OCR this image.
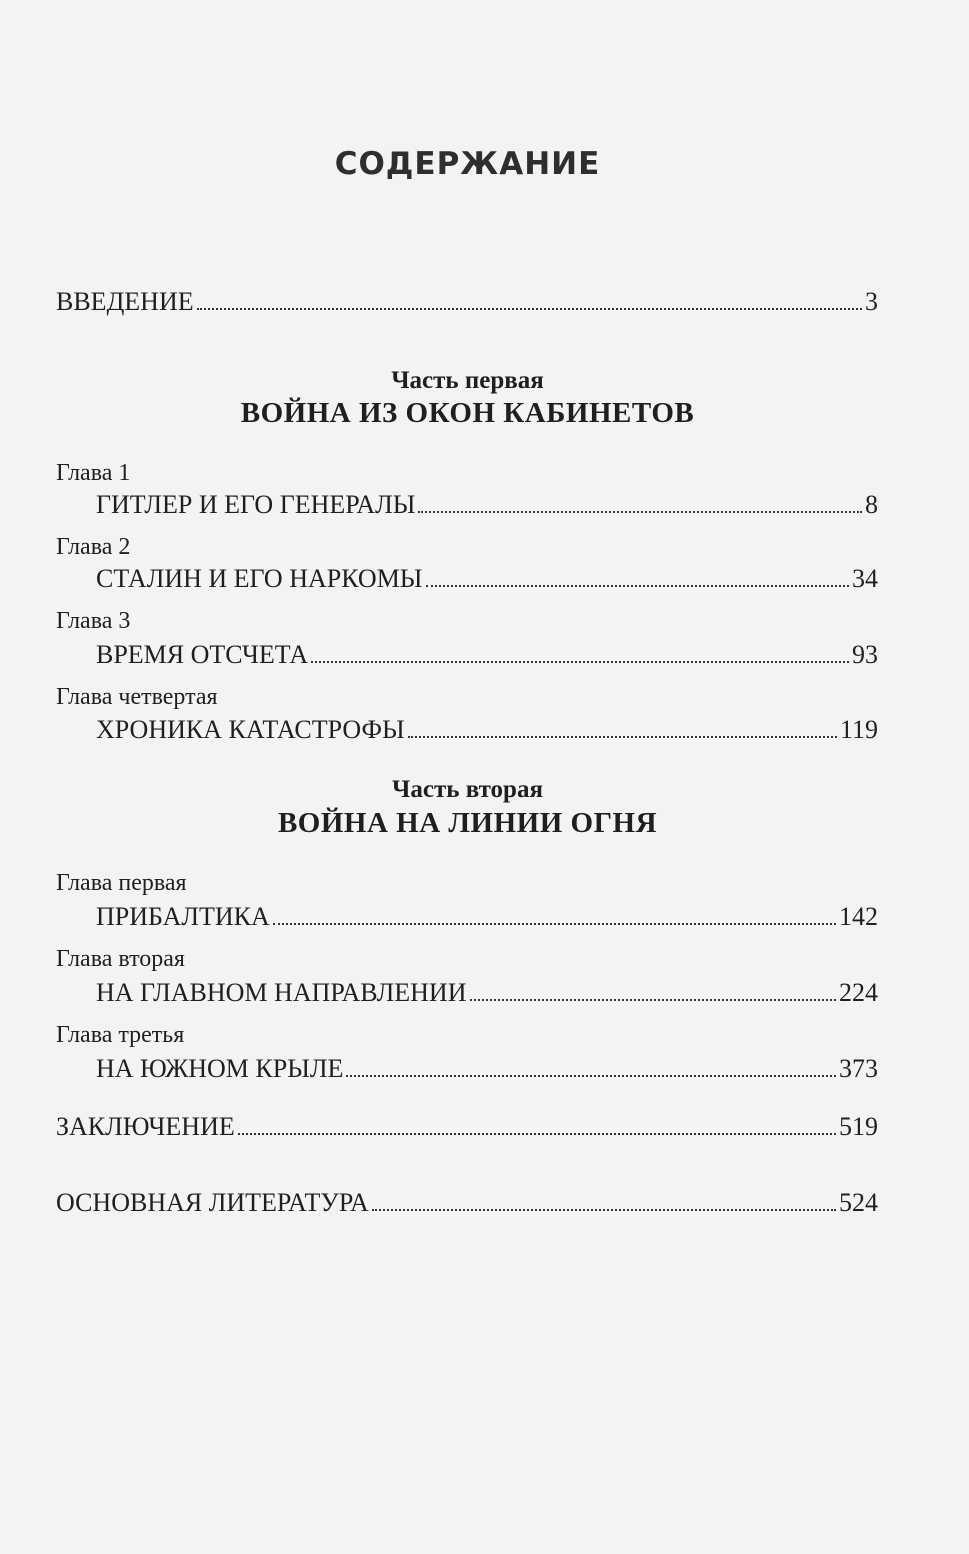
СОДЕРЖАНИЕ
ВВЕДЕНИЕ	3
Часть первая
ВОЙНА ИЗ ОКОН КАБИНЕТОВ
Глава 1
ГИТЛЕР И ЕГО ГЕНЕРАЛЫ	8
Глава 2
СТАЛИН И ЕГО НАРКОМЫ	34
Глава 3
ВРЕМЯ ОТСЧЕТА	93
Глава четвертая
ХРОНИКА КАТАСТРОФЫ	119
Часть вторая
ВОЙНА НА ЛИНИИ ОГНЯ
Глава первая
ПРИБАЛТИКА	142
Глава вторая
НА ГЛАВНОМ НАПРАВЛЕНИИ	224
Глава третья
НА ЮЖНОМ КРЫЛЕ	373
ЗАКЛЮЧЕНИЕ	519
ОСНОВНАЯ ЛИТЕРАТУРА	524
